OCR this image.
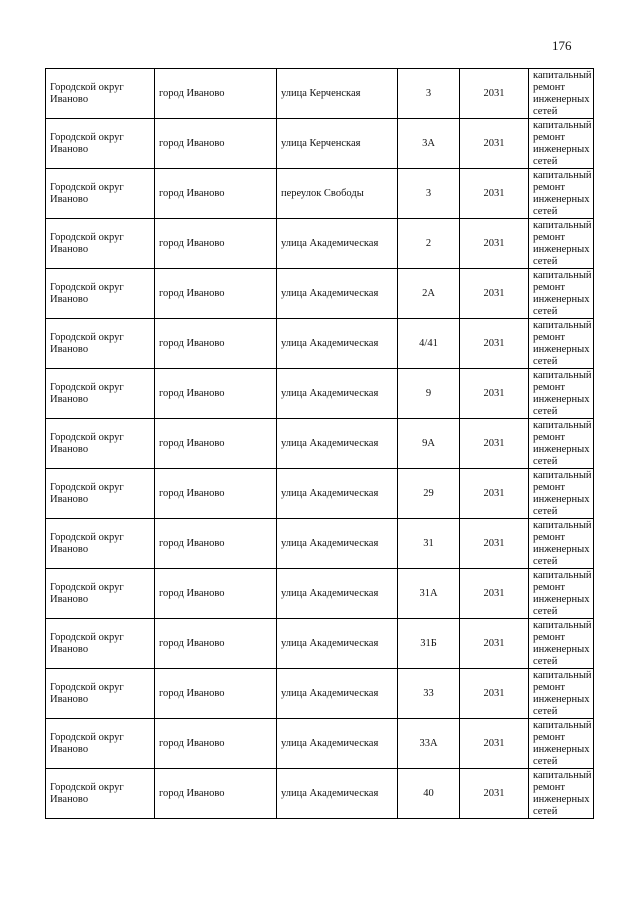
176
Городской округ Иваново	город Иваново	улица Керченская	3	2031	капитальный ремонт инженерных сетей
Городской округ Иваново	город Иваново	улица Керченская	3А	2031	капитальный ремонт инженерных сетей
Городской округ Иваново	город Иваново	переулок Свободы	3	2031	капитальный ремонт инженерных сетей
Городской округ Иваново	город Иваново	улица Академическая	2	2031	капитальный ремонт инженерных сетей
Городской округ Иваново	город Иваново	улица Академическая	2А	2031	капитальный ремонт инженерных сетей
Городской округ Иваново	город Иваново	улица Академическая	4/41	2031	капитальный ремонт инженерных сетей
Городской округ Иваново	город Иваново	улица Академическая	9	2031	капитальный ремонт инженерных сетей
Городской округ Иваново	город Иваново	улица Академическая	9А	2031	капитальный ремонт инженерных сетей
Городской округ Иваново	город Иваново	улица Академическая	29	2031	капитальный ремонт инженерных сетей
Городской округ Иваново	город Иваново	улица Академическая	31	2031	капитальный ремонт инженерных сетей
Городской округ Иваново	город Иваново	улица Академическая	31А	2031	капитальный ремонт инженерных сетей
Городской округ Иваново	город Иваново	улица Академическая	31Б	2031	капитальный ремонт инженерных сетей
Городской округ Иваново	город Иваново	улица Академическая	33	2031	капитальный ремонт инженерных сетей
Городской округ Иваново	город Иваново	улица Академическая	33А	2031	капитальный ремонт инженерных сетей
Городской округ Иваново	город Иваново	улица Академическая	40	2031	капитальный ремонт инженерных сетей
